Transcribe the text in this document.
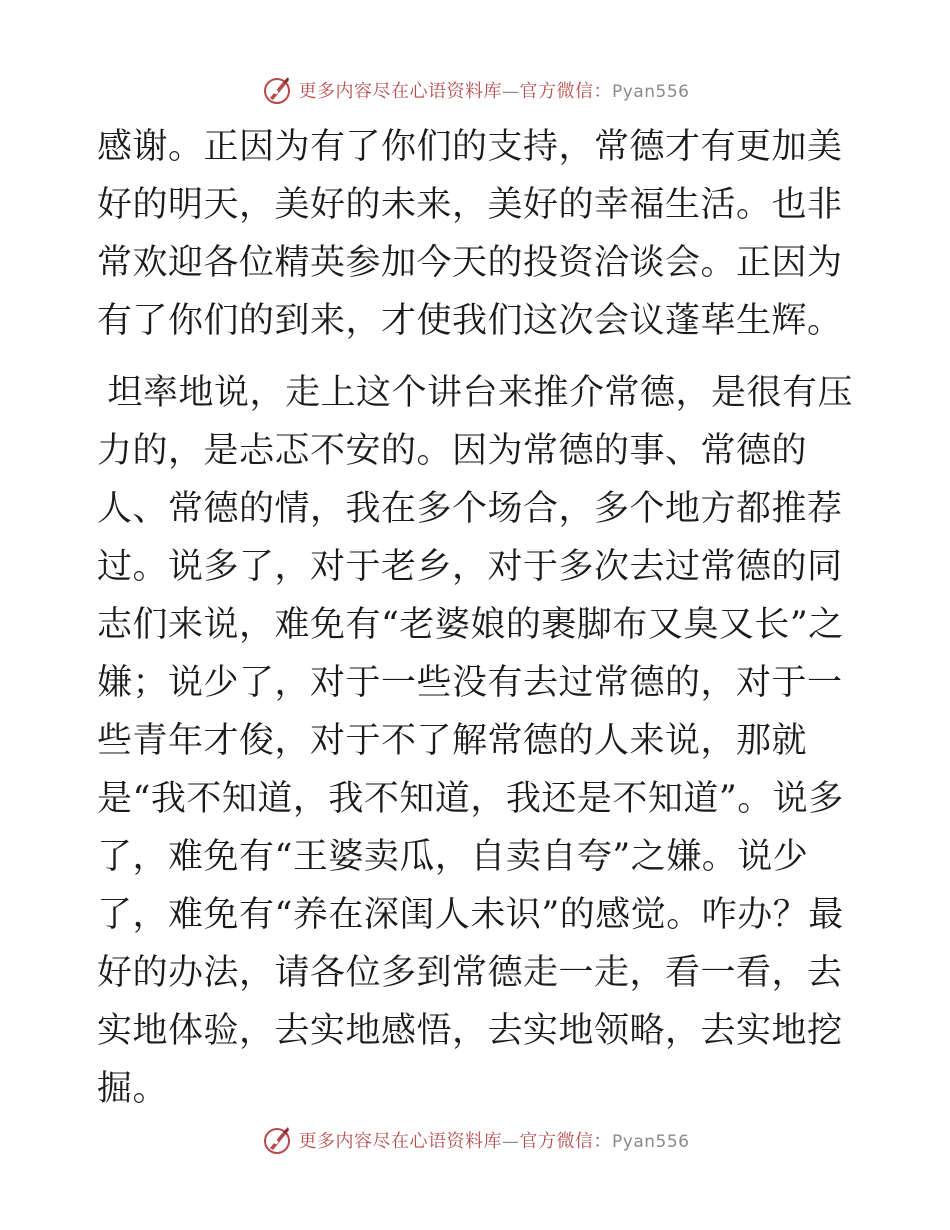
更多内容尽在心语资料库—官方微信：Pyan556

感谢。正因为有了你们的支持，常德才有更加美好的明天，美好的未来，美好的幸福生活。也非常欢迎各位精英参加今天的投资洽谈会。正因为有了你们的到来，才使我们这次会议蓬荜生辉。

坦率地说，走上这个讲台来推介常德，是很有压力的，是忐忑不安的。因为常德的事、常德的人、常德的情，我在多个场合，多个地方都推荐过。说多了，对于老乡，对于多次去过常德的同志们来说，难免有“老婆娘的裹脚布又臭又长”之嫌；说少了，对于一些没有去过常德的，对于一些青年才俊，对于不了解常德的人来说，那就是“我不知道，我不知道，我还是不知道”。说多了，难免有“王婆卖瓜，自卖自夸”之嫌。说少了，难免有“养在深闺人未识”的感觉。咋办？最好的办法，请各位多到常德走一走，看一看，去实地体验，去实地感悟，去实地领略，去实地挖掘。

更多内容尽在心语资料库—官方微信：Pyan556
